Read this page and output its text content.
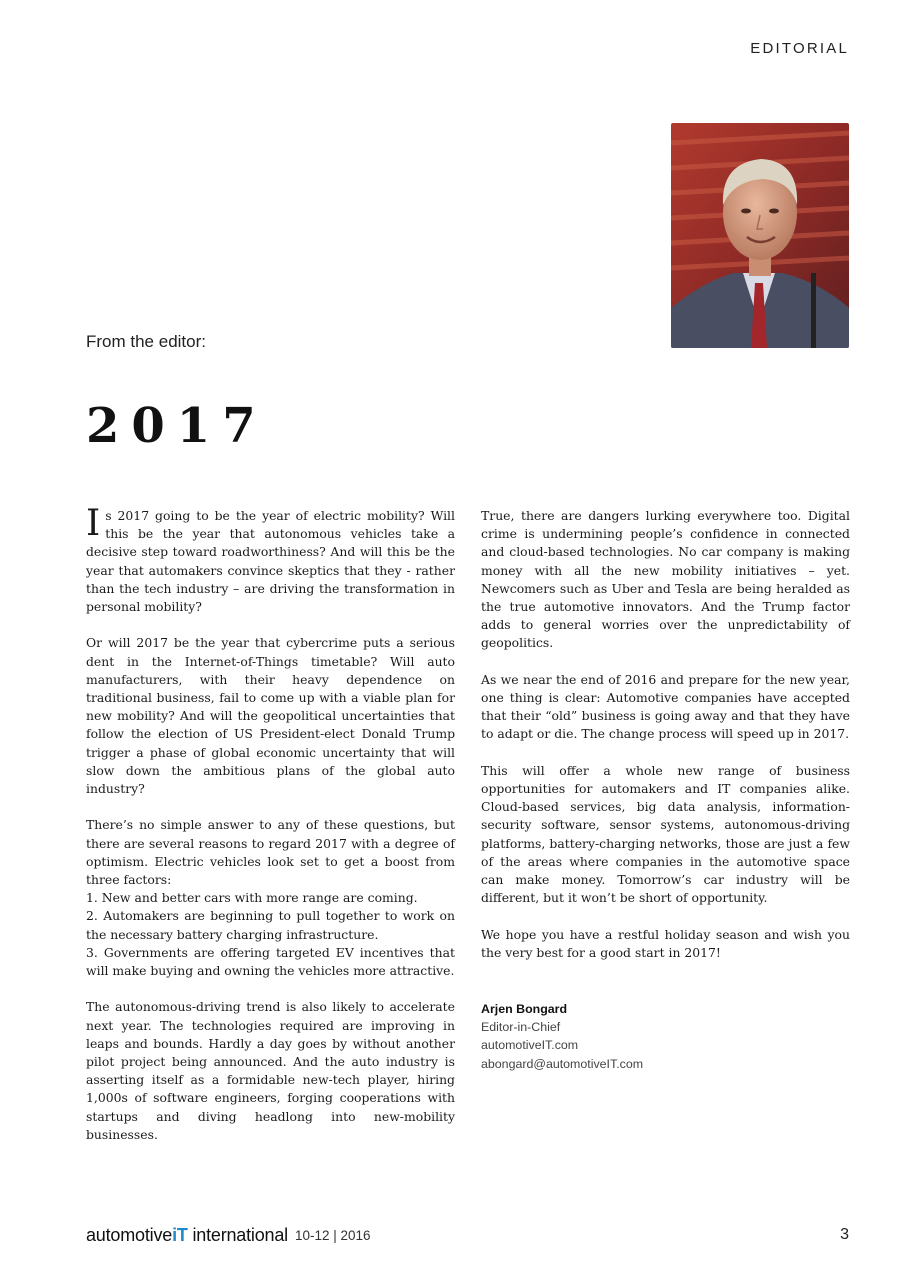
EDITORIAL
From the editor:
2017

Is 2017 going to be the year of electric mobility? Will this be the year that autonomous vehicles take a decisive step toward roadworthiness? And will this be the year that automakers convince skeptics that they - rather than the tech industry – are driving the transformation in personal mobility?

Or will 2017 be the year that cybercrime puts a serious dent in the Internet-of-Things timetable? Will auto manufacturers, with their heavy dependence on traditional business, fail to come up with a viable plan for new mobility? And will the geopolitical uncertainties that follow the election of US President-elect Donald Trump trigger a phase of global economic uncertainty that will slow down the ambitious plans of the global auto industry?

There’s no simple answer to any of these questions, but there are several reasons to regard 2017 with a degree of optimism. Electric vehicles look set to get a boost from three factors:

1. New and better cars with more range are coming.

2. Automakers are beginning to pull together to work on the necessary battery charging infrastructure.

3. Governments are offering targeted EV incentives that will make buying and owning the vehicles more attractive.

The autonomous-driving trend is also likely to accelerate next year. The technologies required are improving in leaps and bounds. Hardly a day goes by without another pilot project being announced. And the auto industry is asserting itself as a formidable new-tech player, hiring 1,000s of software engineers, forging cooperations with startups and diving headlong into new-mobility businesses.

True, there are dangers lurking everywhere too. Digital crime is undermining people’s confidence in connected and cloud-based technologies. No car company is making money with all the new mobility initiatives – yet. Newcomers such as Uber and Tesla are being heralded as the true automotive innovators. And the Trump factor adds to general worries over the unpredictability of geopolitics.

As we near the end of 2016 and prepare for the new year, one thing is clear: Automotive companies have accepted that their “old” business is going away and that they have to adapt or die. The change process will speed up in 2017.

This will offer a whole new range of business opportunities for automakers and IT companies alike. Cloud-based services, big data analysis, information-security software, sensor systems, autonomous-driving platforms, battery-charging networks, those are just a few of the areas where companies in the automotive space can make money. Tomorrow’s car industry will be different, but it won’t be short of opportunity.

We hope you have a restful holiday season and wish you the very best for a good start in 2017!

Arjen Bongard
Editor-in-Chief
automotiveIT.com
abongard@automotiveIT.com
automotiveiT international 10-12 | 2016	3
